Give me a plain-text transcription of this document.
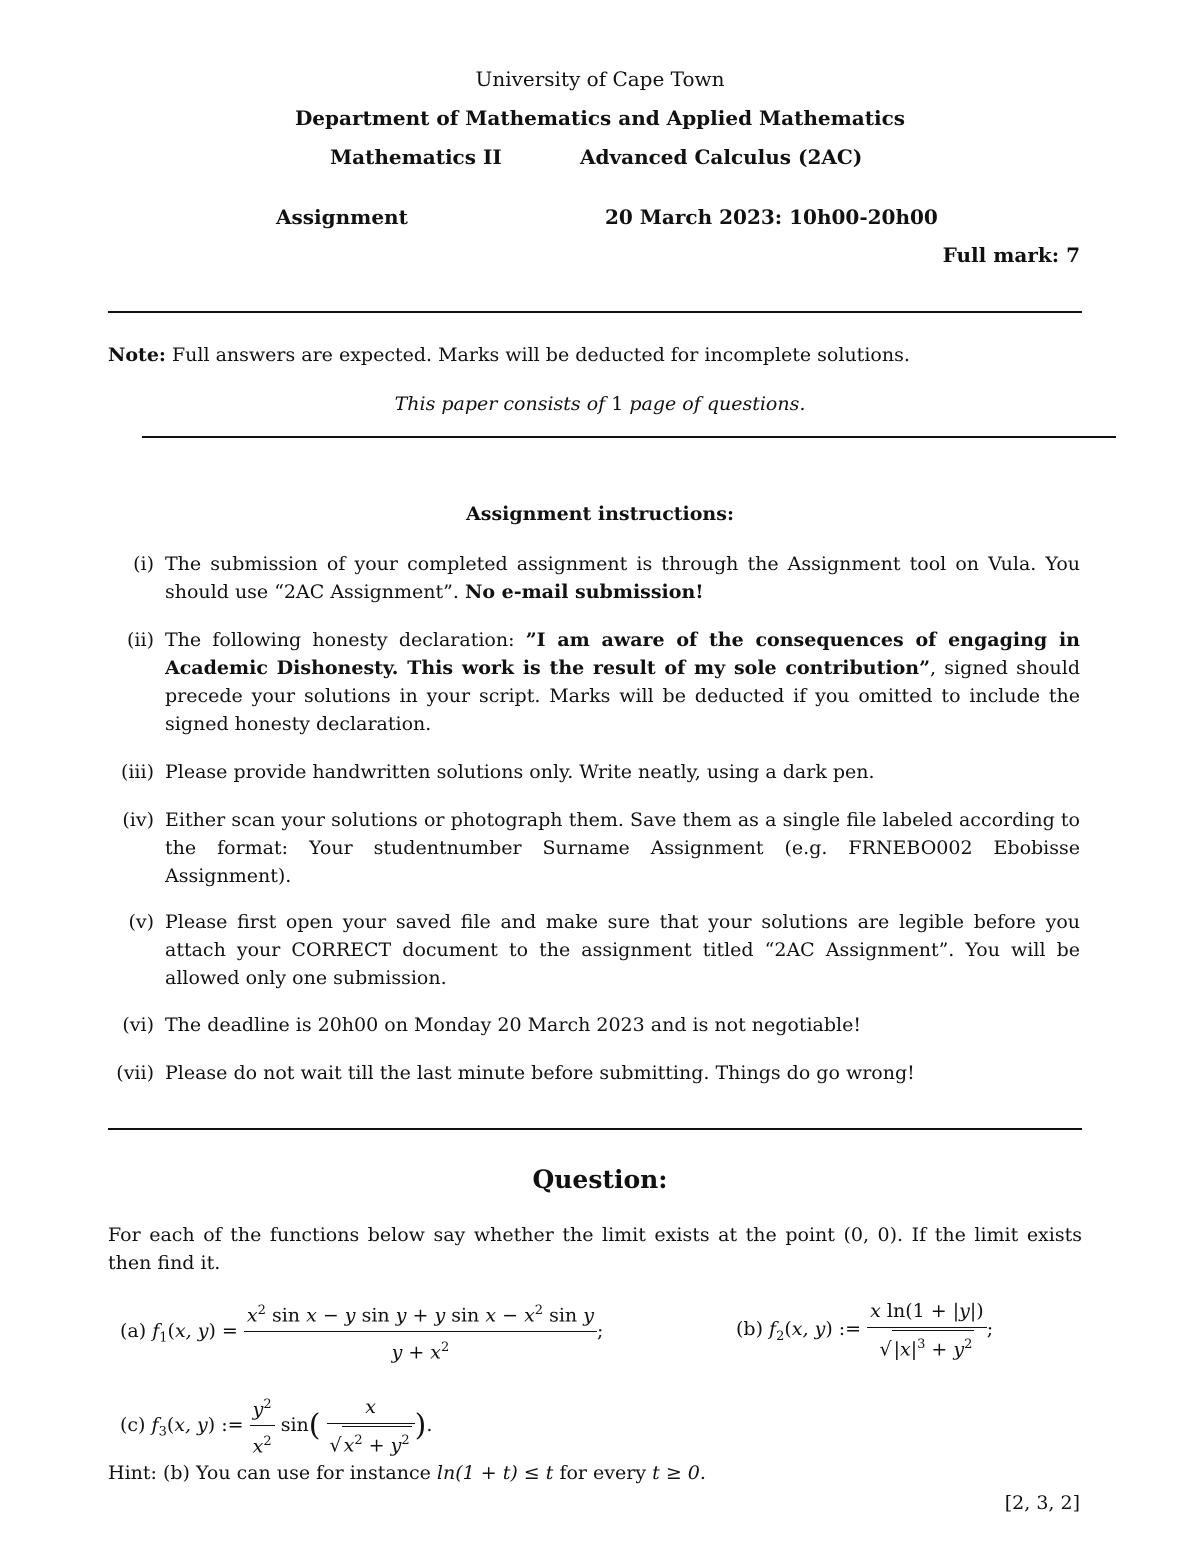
University of Cape Town
Department of Mathematics and Applied Mathematics
Mathematics II	Advanced Calculus (2AC)
Assignment	20 March 2023: 10h00-20h00
Full mark: 7
Note: Full answers are expected. Marks will be deducted for incomplete solutions.
This paper consists of 1 page of questions.
Assignment instructions:
(i) The submission of your completed assignment is through the Assignment tool on Vula. You should use “2AC Assignment”. No e-mail submission!
(ii) The following honesty declaration: ”I am aware of the consequences of engaging in Academic Dishonesty. This work is the result of my sole contribution”, signed should precede your solutions in your script. Marks will be deducted if you omitted to include the signed honesty declaration.
(iii) Please provide handwritten solutions only. Write neatly, using a dark pen.
(iv) Either scan your solutions or photograph them. Save them as a single file labeled according to the format: Your studentnumber Surname Assignment (e.g. FRNEBO002 Ebobisse Assignment).
(v) Please first open your saved file and make sure that your solutions are legible before you attach your CORRECT document to the assignment titled “2AC Assignment”. You will be allowed only one submission.
(vi) The deadline is 20h00 on Monday 20 March 2023 and is not negotiable!
(vii) Please do not wait till the last minute before submitting. Things do go wrong!
Question:
For each of the functions below say whether the limit exists at the point (0, 0). If the limit exists then find it.
(a) $f_1(x$, $y) = \frac{x^2 \sin x - y \sin y + y \sin x - x^2 \sin y}{y + x^2}$ ;	(b) $f_2(x$, y) := $\frac{\text{x ln(1 + |y|)}}{√ |x|^3 + y^2}$ ;
(c) $f_3(x$, y) := $\frac{y^2}{x^2} \sin( \frac{x}{√ x^2 + y^2}$ ).
Hint: (b) You can use for instance ln(1 + t) ≤ t for every t ≥ 0.
[2, 3, 2]
